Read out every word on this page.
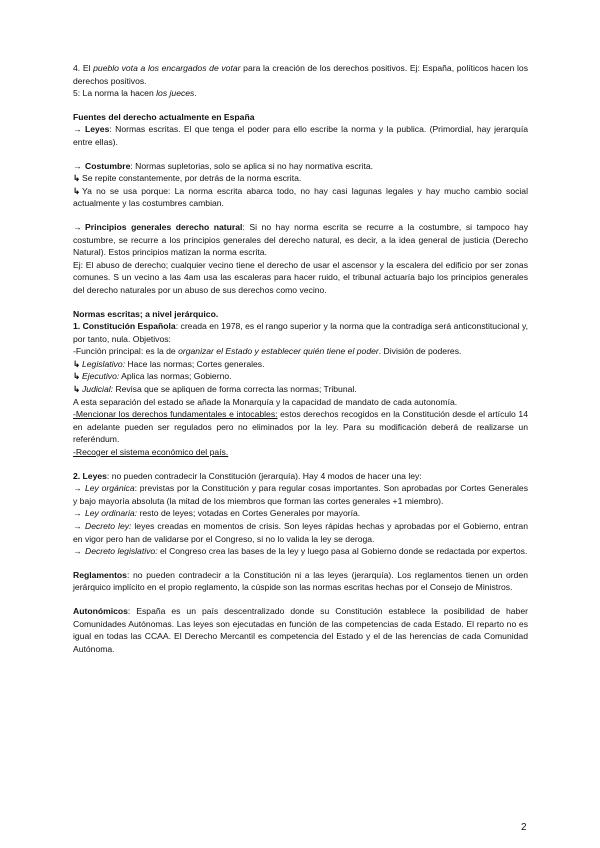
4. El pueblo vota a los encargados de votar para la creación de los derechos positivos. Ej: España, políticos hacen los derechos positivos.

5: La norma la hacen los jueces.

Fuentes del derecho actualmente en España

→ Leyes: Normas escritas. El que tenga el poder para ello escribe la norma y la publica. (Primordial, hay jerarquía entre ellas).

→ Costumbre: Normas supletorias, solo se aplica si no hay normativa escrita.

↳ Se repite constantemente, por detrás de la norma escrita.

↳ Ya no se usa porque: La norma escrita abarca todo, no hay casi lagunas legales y hay mucho cambio social actualmente y las costumbres cambian.

→ Principios generales derecho natural: Si no hay norma escrita se recurre a la costumbre, si tampoco hay costumbre, se recurre a los principios generales del derecho natural, es decir, a la idea general de justicia (Derecho Natural). Estos principios matizan la norma escrita.

Ej: El abuso de derecho; cualquier vecino tiene el derecho de usar el ascensor y la escalera del edificio por ser zonas comunes. S un vecino a las 4am usa las escaleras para hacer ruido, el tribunal actuaría bajo los principios generales del derecho naturales por un abuso de sus derechos como vecino.

Normas escritas; a nivel jerárquico.

1. Constitución Española: creada en 1978, es el rango superior y la norma que la contradiga será anticonstitucional y, por tanto, nula. Objetivos:

-Función principal: es la de organizar el Estado y establecer quién tiene el poder. División de poderes.

↳ Legislativo: Hace las normas; Cortes generales.

↳ Ejecutivo: Aplica las normas; Gobierno.

↳ Judicial: Revisa que se apliquen de forma correcta las normas; Tribunal.

A esta separación del estado se añade la Monarquía y la capacidad de mandato de cada autonomía.

-Mencionar los derechos fundamentales e intocables: estos derechos recogidos en la Constitución desde el artículo 14 en adelante pueden ser regulados pero no eliminados por la ley. Para su modificación deberá de realizarse un referéndum.

-Recoger el sistema económico del país.

2. Leyes: no pueden contradecir la Constitución (jerarquía). Hay 4 modos de hacer una ley:

→ Ley orgánica: previstas por la Constitución y para regular cosas importantes. Son aprobadas por Cortes Generales y bajo mayoría absoluta (la mitad de los miembros que forman las cortes generales +1 miembro).

→ Ley ordinaria: resto de leyes; votadas en Cortes Generales por mayoría.

→ Decreto ley: leyes creadas en momentos de crisis. Son leyes rápidas hechas y aprobadas por el Gobierno, entran en vigor pero han de validarse por el Congreso, si no lo valida la ley se deroga.

→ Decreto legislativo: el Congreso crea las bases de la ley y luego pasa al Gobierno donde se redactada por expertos.

Reglamentos: no pueden contradecir a la Constitución ni a las leyes (jerarquía). Los reglamentos tienen un orden jerárquico implícito en el propio reglamento, la cúspide son las normas escritas hechas por el Consejo de Ministros.

Autonómicos: España es un país descentralizado donde su Constitución establece la posibilidad de haber Comunidades Autónomas. Las leyes son ejecutadas en función de las competencias de cada Estado. El reparto no es igual en todas las CCAA. El Derecho Mercantil es competencia del Estado y el de las herencias de cada Comunidad Autónoma.

2
